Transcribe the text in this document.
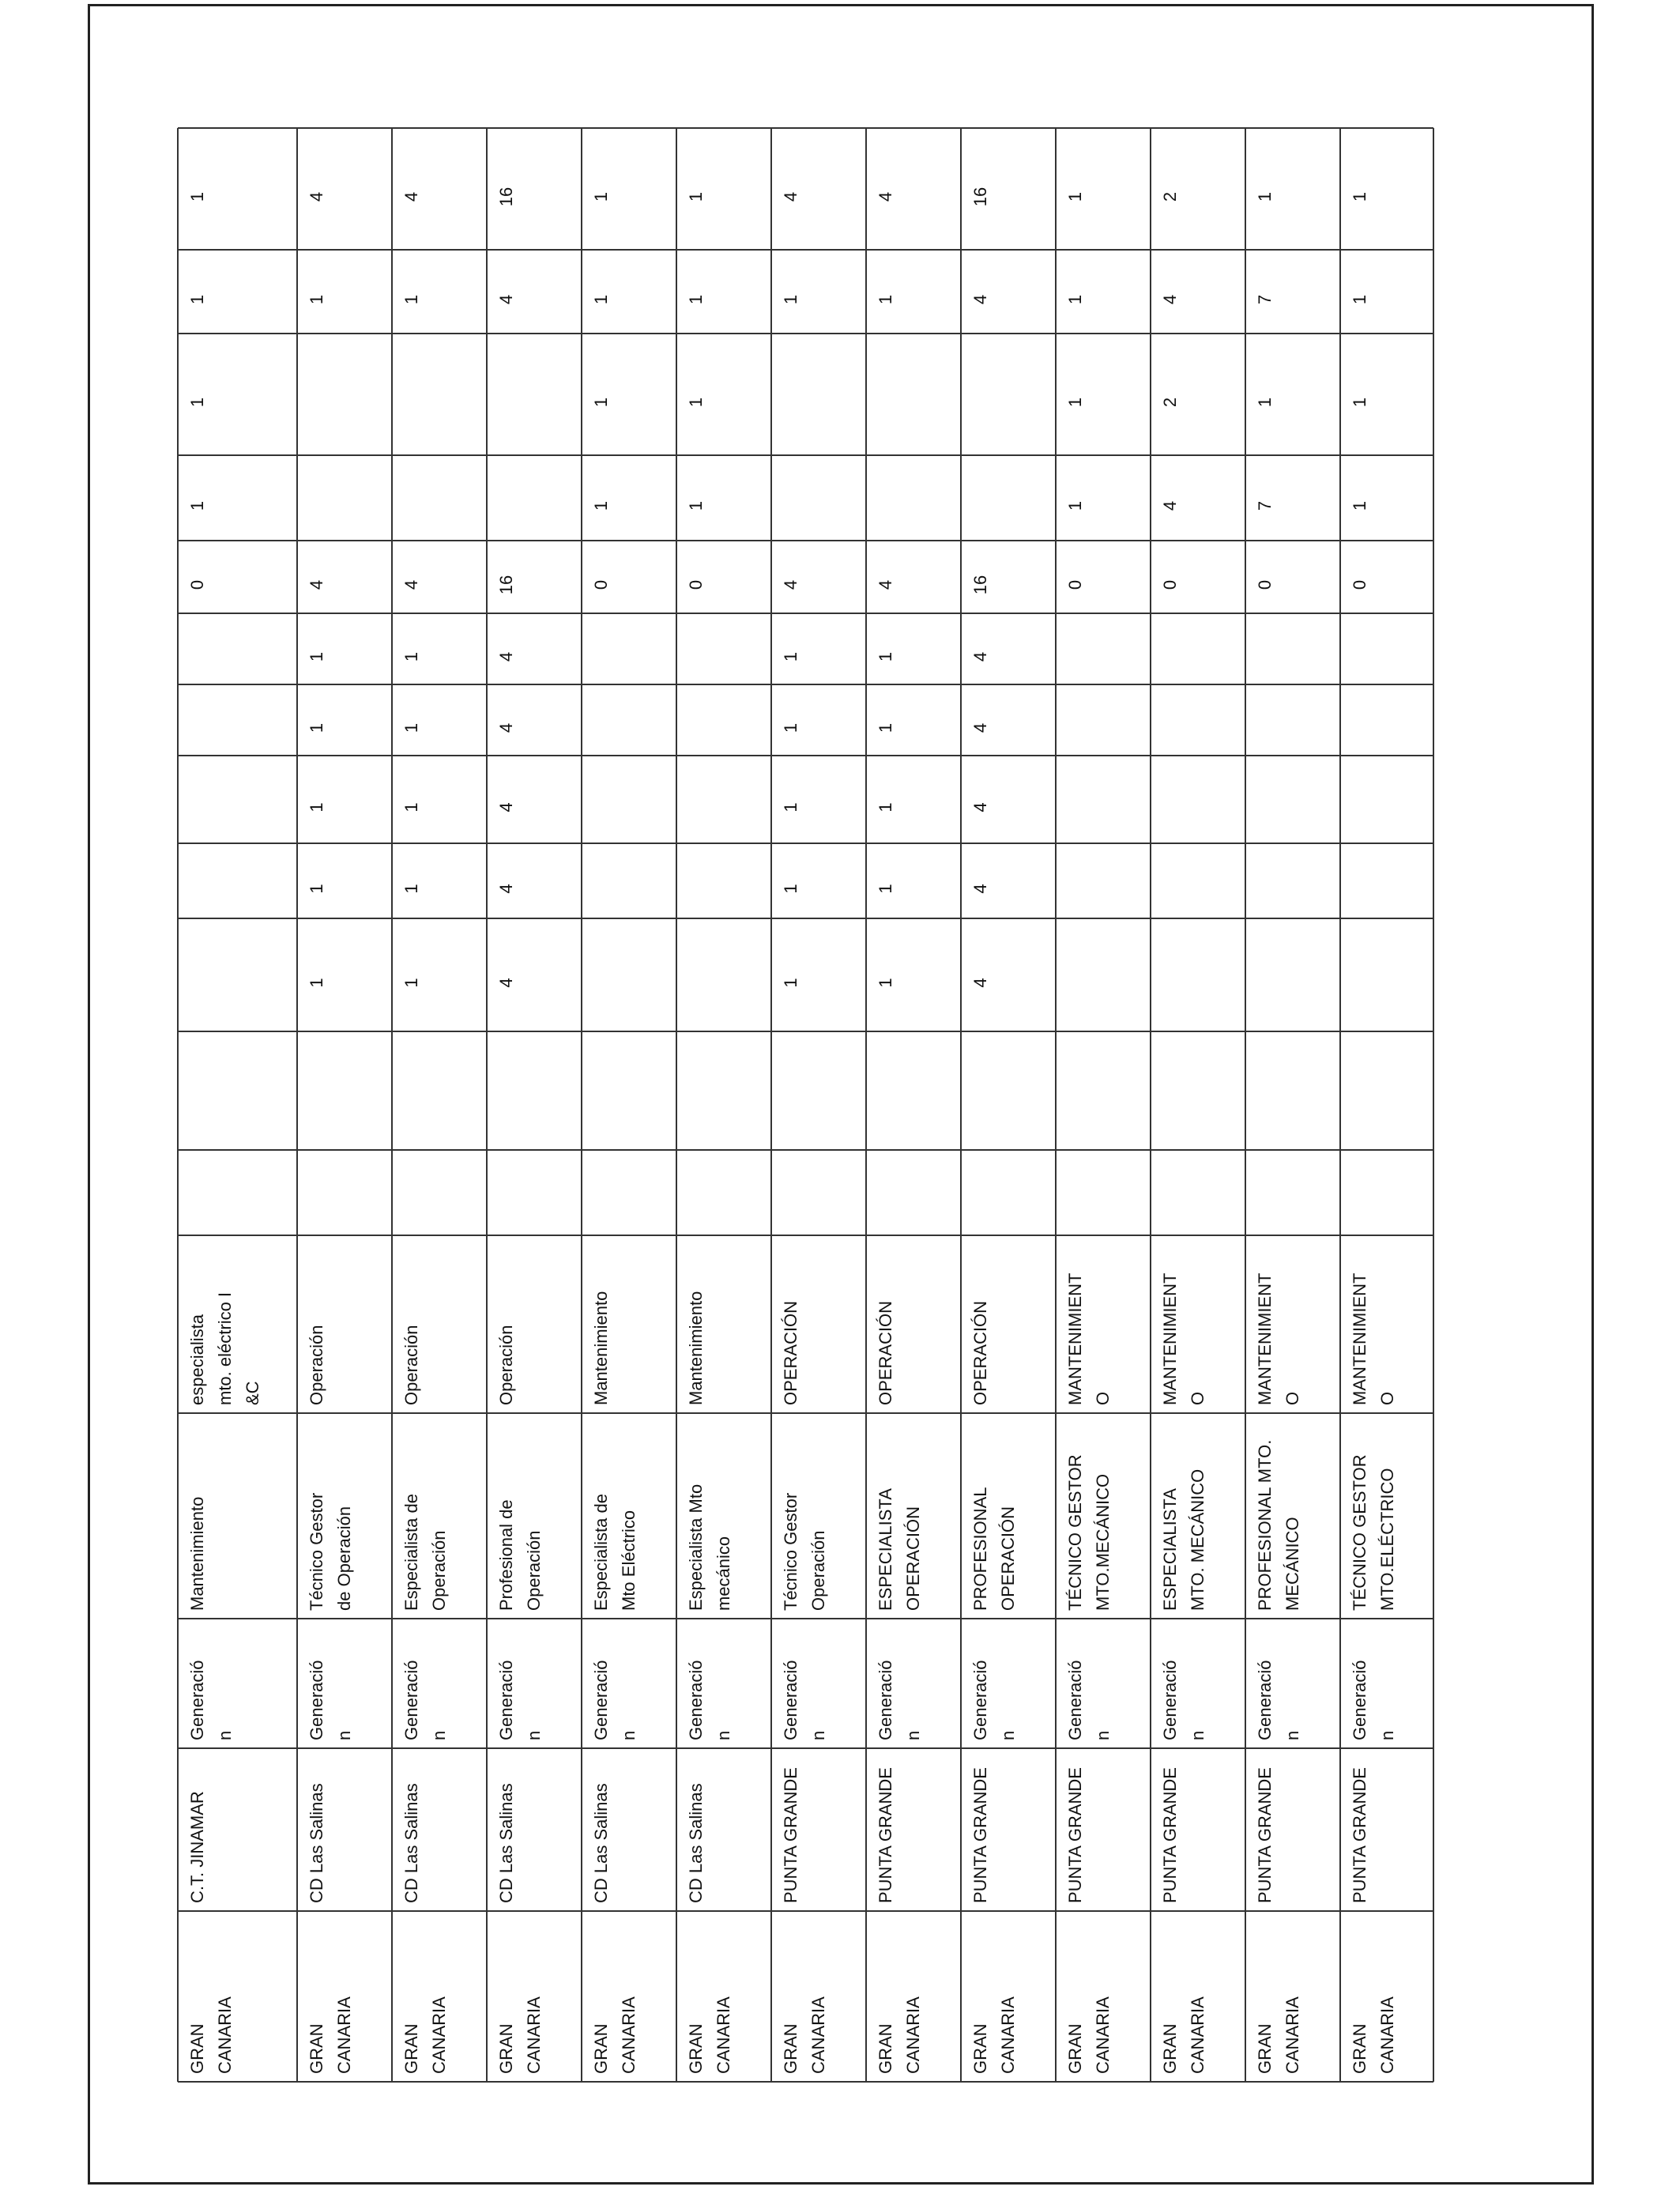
GRAN CANARIA
C.T. JINAMAR
Generació n
Mantenimiento
especialista mto. eléctrico I &C
0
1
1
1
1
GRAN CANARIA
CD Las Salinas
Generació n
Técnico Gestor de Operación
Operación
1
1
1
1
1
4
1
4
GRAN CANARIA
CD Las Salinas
Generació n
Especialista de Operación
Operación
1
1
1
1
1
4
1
4
GRAN CANARIA
CD Las Salinas
Generació n
Profesional de Operación
Operación
4
4
4
4
4
16
4
16
GRAN CANARIA
CD Las Salinas
Generació n
Especialista de Mto Eléctrico
Mantenimiento
0
1
1
1
1
GRAN CANARIA
CD Las Salinas
Generació n
Especialista Mto mecánico
Mantenimiento
0
1
1
1
1
GRAN CANARIA
PUNTA GRANDE
Generació n
Técnico Gestor Operación
OPERACIÓN
1
1
1
1
1
4
1
4
GRAN CANARIA
PUNTA GRANDE
Generació n
ESPECIALISTA OPERACIÓN
OPERACIÓN
1
1
1
1
1
4
1
4
GRAN CANARIA
PUNTA GRANDE
Generació n
PROFESIONAL OPERACIÓN
OPERACIÓN
4
4
4
4
4
16
4
16
GRAN CANARIA
PUNTA GRANDE
Generació n
TÉCNICO GESTOR MTO.MECÁNICO
MANTENIMIENT O
0
1
1
1
1
GRAN CANARIA
PUNTA GRANDE
Generació n
ESPECIALISTA MTO. MECÁNICO
MANTENIMIENT O
0
4
2
4
2
GRAN CANARIA
PUNTA GRANDE
Generació n
PROFESIONAL MTO. MECÁNICO
MANTENIMIENT O
0
7
1
7
1
GRAN CANARIA
PUNTA GRANDE
Generació n
TÉCNICO GESTOR MTO.ELÉCTRICO
MANTENIMIENT O
0
1
1
1
1
